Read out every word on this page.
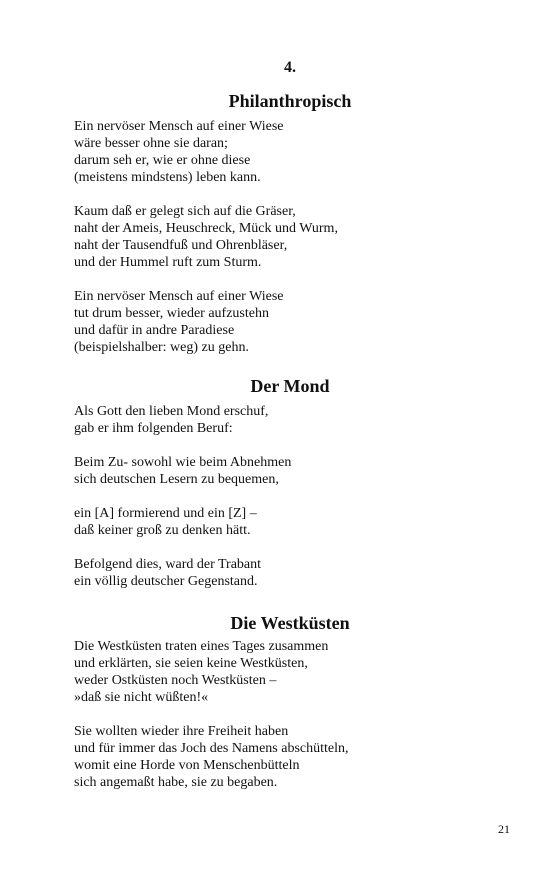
4.
Philanthropisch
Ein nervöser Mensch auf einer Wiese
wäre besser ohne sie daran;
darum seh er, wie er ohne diese
(meistens mindstens) leben kann.
Kaum daß er gelegt sich auf die Gräser,
naht der Ameis, Heuschreck, Mück und Wurm,
naht der Tausendfuß und Ohrenbläser,
und der Hummel ruft zum Sturm.
Ein nervöser Mensch auf einer Wiese
tut drum besser, wieder aufzustehn
und dafür in andre Paradiese
(beispielshalber: weg) zu gehn.
Der Mond
Als Gott den lieben Mond erschuf,
gab er ihm folgenden Beruf:
Beim Zu- sowohl wie beim Abnehmen
sich deutschen Lesern zu bequemen,
ein [A] formierend und ein [Z] –
daß keiner groß zu denken hätt.
Befolgend dies, ward der Trabant
ein völlig deutscher Gegenstand.
Die Westküsten
Die Westküsten traten eines Tages zusammen
und erklärten, sie seien keine Westküsten,
weder Ostküsten noch Westküsten –
»daß sie nicht wüßten!«
Sie wollten wieder ihre Freiheit haben
und für immer das Joch des Namens abschütteln,
womit eine Horde von Menschenbütteln
sich angemaßt habe, sie zu begaben.
21
